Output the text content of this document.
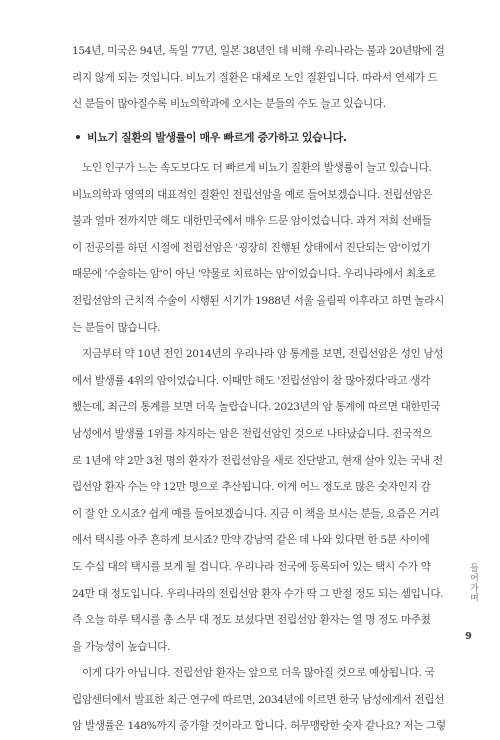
154년, 미국은 94년, 독일 77년, 일본 38년인 데 비해 우리나라는 불과 20년밖에 걸
리지 않게 되는 것입니다. 비뇨기 질환은 대체로 노인 질환입니다. 따라서 연세가 드
신 분들이 많아질수록 비뇨의학과에 오시는 분들의 수도 늘고 있습니다.
비뇨기 질환의 발생률이 매우 빠르게 증가하고 있습니다.
노인 인구가 느는 속도보다도 더 빠르게 비뇨기 질환의 발생률이 늘고 있습니다.
비뇨의학과 영역의 대표적인 질환인 전립선암을 예로 들어보겠습니다. 전립선암은
불과 얼마 전까지만 해도 대한민국에서 매우 드문 암이었습니다. 과거 저희 선배들
이 전공의를 하던 시절에 전립선암은 '굉장히 진행된 상태에서 진단되는 암'이었기
때문에 '수술하는 암'이 아닌 '약물로 치료하는 암'이었습니다. 우리나라에서 최초로
전립선암의 근치적 수술이 시행된 시기가 1988년 서울 올림픽 이후라고 하면 놀라시
는 분들이 많습니다.
지금부터 약 10년 전인 2014년의 우리나라 암 통계를 보면, 전립선암은 성인 남성
에서 발생률 4위의 암이었습니다. 이때만 해도 '전립선암이 참 많아졌다'라고 생각
했는데, 최근의 통계를 보면 더욱 놀랍습니다. 2023년의 암 통계에 따르면 대한민국
남성에서 발생률 1위를 차지하는 암은 전립선암인 것으로 나타났습니다. 전국적으
로 1년에 약 2만 3천 명의 환자가 전립선암을 새로 진단받고, 현재 살아 있는 국내 전
립선암 환자 수는 약 12만 명으로 추산됩니다. 이게 어느 정도로 많은 숫자인지 감
이 잘 안 오시죠? 쉽게 예를 들어보겠습니다. 지금 이 책을 보시는 분들, 요즘은 거리
에서 택시를 아주 흔하게 보시죠? 만약 강남역 같은 데 나와 있다면 한 5분 사이에
도 수십 대의 택시를 보게 될 겁니다. 우리나라 전국에 등록되어 있는 택시 수가 약
24만 대 정도입니다. 우리나라의 전립선암 환자 수가 딱 그 반절 정도 되는 셈입니다.
즉 오늘 하루 택시를 총 스무 대 정도 보셨다면 전립선암 환자는 열 명 정도 마주쳤
을 가능성이 높습니다.
이게 다가 아닙니다. 전립선암 환자는 앞으로 더욱 많아질 것으로 예상됩니다. 국
립암센터에서 발표한 최근 연구에 따르면, 2034년에 이르면 한국 남성에게서 전립선
암 발생률은 148%까지 증가할 것이라고 합니다. 허무맹랑한 숫자 같나요? 저는 그렇
들어가며
9
